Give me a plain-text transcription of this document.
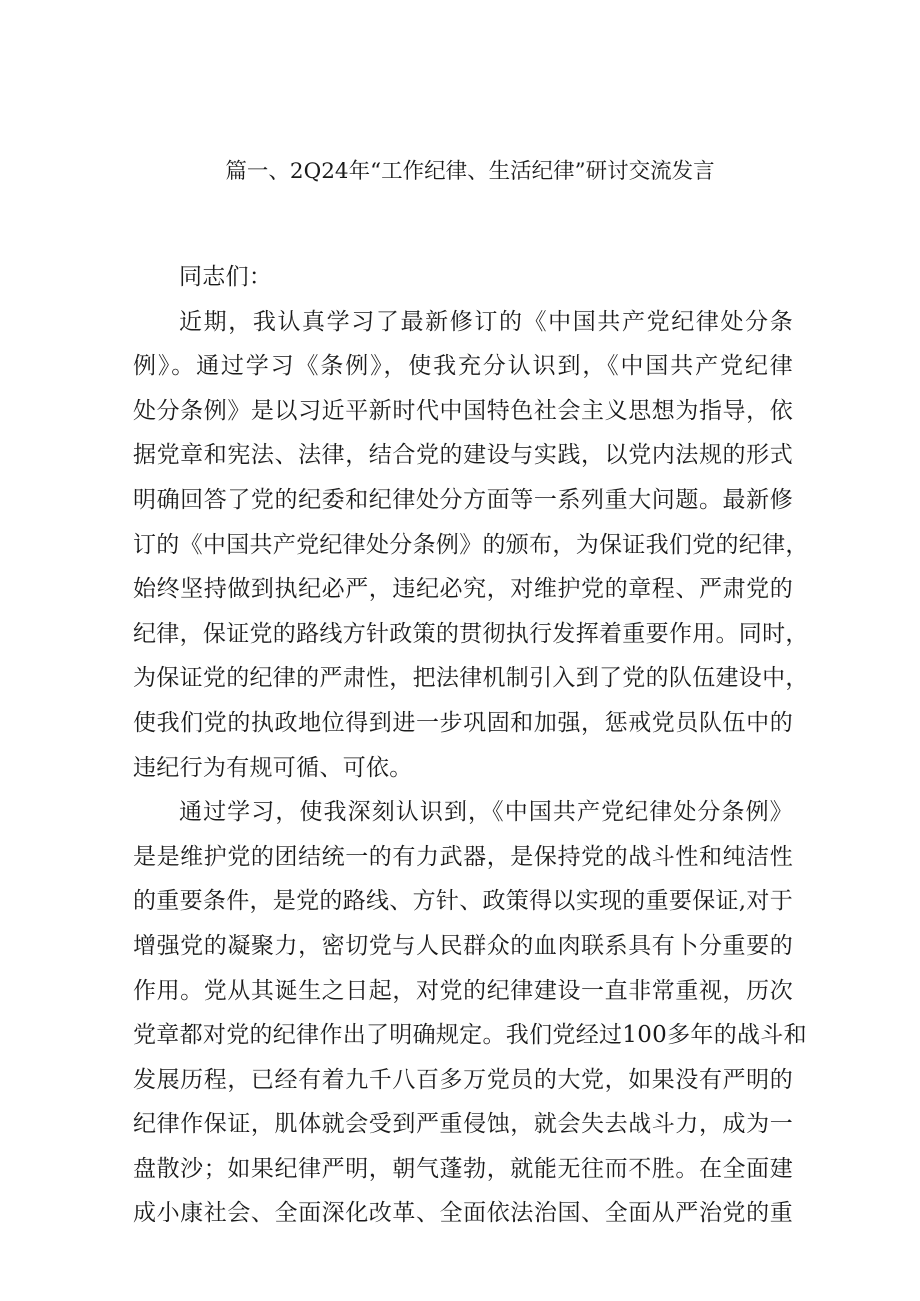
篇一、2Q24年“工作纪律、生活纪律”研讨交流发言
同志们：
近期，我认真学习了最新修订的《中国共产党纪律处分条
例》。通过学习《条例》，使我充分认识到，《中国共产党纪律
处分条例》是以习近平新时代中国特色社会主义思想为指导，依
据党章和宪法、法律，结合党的建设与实践，以党内法规的形式
明确回答了党的纪委和纪律处分方面等一系列重大问题。最新修
订的《中国共产党纪律处分条例》的颁布，为保证我们党的纪律，
始终坚持做到执纪必严，违纪必究，对维护党的章程、严肃党的
纪律，保证党的路线方针政策的贯彻执行发挥着重要作用。同时，
为保证党的纪律的严肃性，把法律机制引入到了党的队伍建设中，
使我们党的执政地位得到进一步巩固和加强，惩戒党员队伍中的
违纪行为有规可循、可依。
通过学习，使我深刻认识到，《中国共产党纪律处分条例》
是是维护党的团结统一的有力武器，是保持党的战斗性和纯洁性
的重要条件，是党的路线、方针、政策得以实现的重要保证,对于
增强党的凝聚力，密切党与人民群众的血肉联系具有卜分重要的
作用。党从其诞生之日起，对党的纪律建设一直非常重视，历次
党章都对党的纪律作出了明确规定。我们党经过100多年的战斗和
发展历程，已经有着九千八百多万党员的大党，如果没有严明的
纪律作保证，肌体就会受到严重侵蚀，就会失去战斗力，成为一
盘散沙；如果纪律严明，朝气蓬勃，就能无往而不胜。在全面建
成小康社会、全面深化改革、全面依法治国、全面从严治党的重
